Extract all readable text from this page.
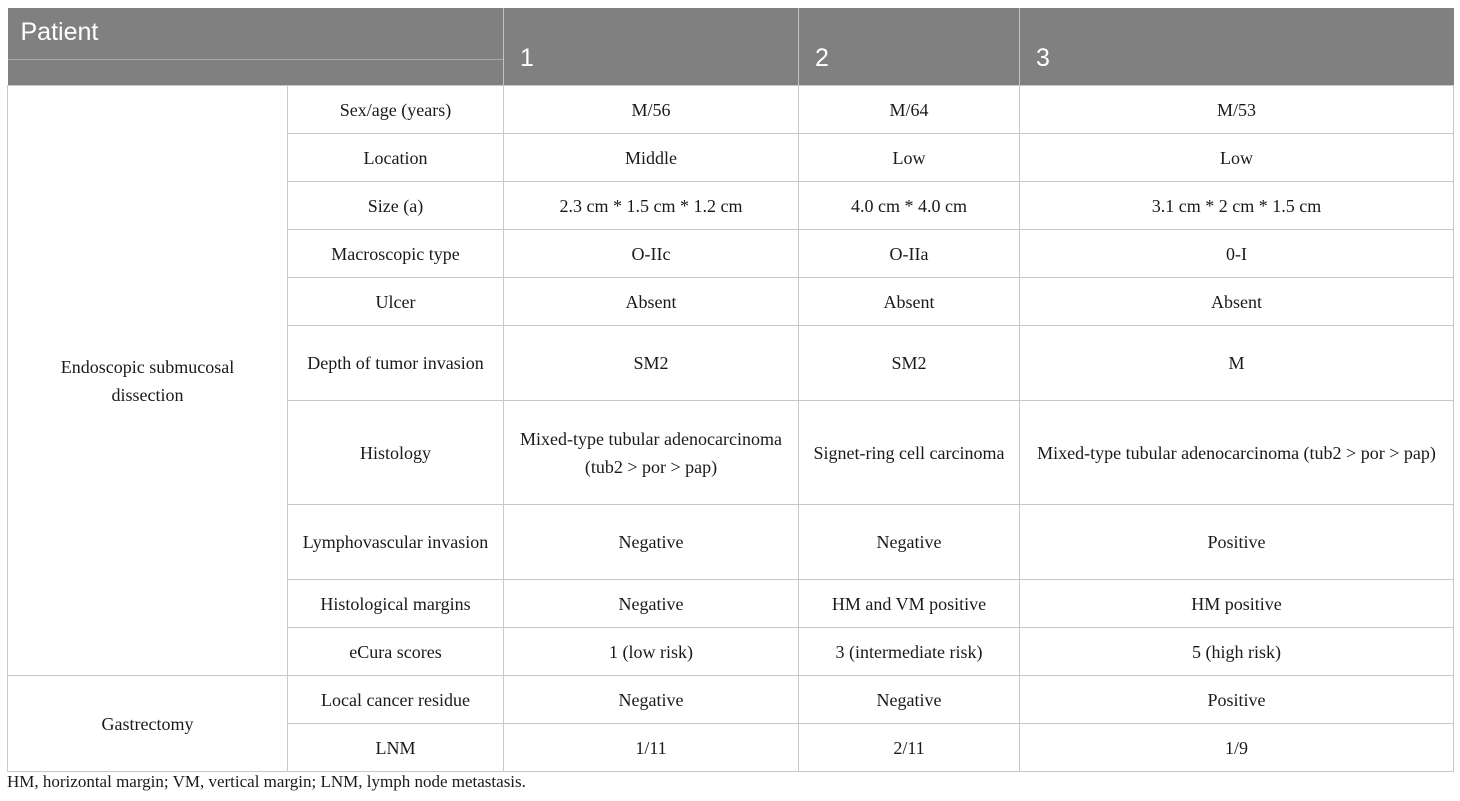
Patient		1	2	3
Endoscopic submucosal dissection	Sex/age (years)	M/56	M/64	M/53
	Location	Middle	Low	Low
	Size (a)	2.3 cm * 1.5 cm * 1.2 cm	4.0 cm * 4.0 cm	3.1 cm * 2 cm * 1.5 cm
	Macroscopic type	O-IIc	O-IIa	0-I
	Ulcer	Absent	Absent	Absent
	Depth of tumor invasion	SM2	SM2	M
	Histology	Mixed-type tubular adenocarcinoma (tub2 > por > pap)	Signet-ring cell carcinoma	Mixed-type tubular adenocarcinoma (tub2 > por > pap)
	Lymphovascular invasion	Negative	Negative	Positive
	Histological margins	Negative	HM and VM positive	HM positive
	eCura scores	1 (low risk)	3 (intermediate risk)	5 (high risk)
Gastrectomy	Local cancer residue	Negative	Negative	Positive
	LNM	1/11	2/11	1/9

HM, horizontal margin; VM, vertical margin; LNM, lymph node metastasis.
